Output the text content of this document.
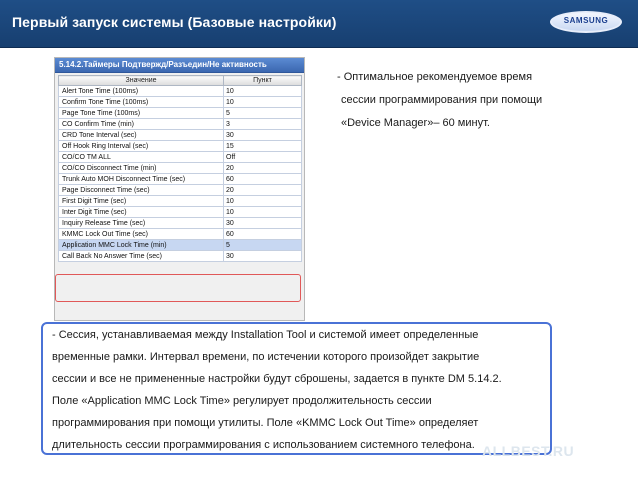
Первый запуск системы (Базовые настройки)	SAMSUNG
5.14.2.Таймеры Подтвержд/Разъедин/Не активность
Значение	Пункт
Alert Tone Time (100ms)	10
Confirm Tone Time (100ms)	10
Page Tone Time (100ms)	5
CO Confirm Time (min)	3
CRD Tone Interval (sec)	30
Off Hook Ring Interval (sec)	15
CO/CO TM ALL	Off
CO/CO Disconnect Time (min)	20
Trunk Auto MOH Disconnect Time (sec)	60
Page Disconnect Time (sec)	20
First Digit Time (sec)	10
Inter Digit Time (sec)	10
Inquiry Release Time (sec)	30
KMMC Lock Out Time (sec)	60
Application MMC Lock Time (min)	5
Call Back No Answer Time (sec)	30
- Оптимальное рекомендуемое время
сессии программирования при помощи
«Device Manager»– 60 минут.
- Сессия, устанавливаемая между Installation Tool и системой имеет определенные
временные рамки. Интервал времени, по истечении которого произойдет закрытие
сессии и все не примененные настройки будут сброшены, задается в пункте DM 5.14.2.
Поле «Application MMC Lock Time» регулирует продолжительность сессии
программирования при помощи утилиты. Поле «KMMC Lock Out Time» определяет
длительность сессии программирования с использованием системного телефона. ALLBEST.RU
